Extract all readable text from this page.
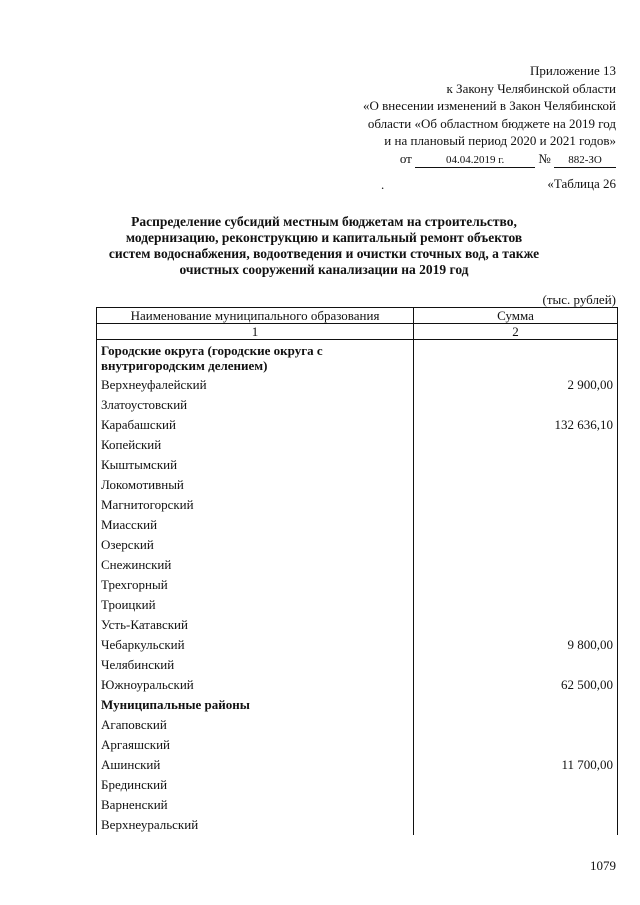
Приложение 13
к Закону Челябинской области
«О внесении изменений в Закон Челябинской
области «Об областном бюджете на 2019 год
и на плановый период 2020 и 2021 годов»
от	04.04.2019 г.	№ 882-ЗО
.	«Таблица 26
Распределение субсидий местным бюджетам на строительство, модернизацию, реконструкцию и капитальный ремонт объектов систем водоснабжения, водоотведения и очистки сточных вод, а также очистных сооружений канализации на 2019 год
(тыс. рублей)
Наименование муниципального образования	Сумма
1	2
Городские округа (городские округа с внутригородским делением)	
Верхнеуфалейский	2 900,00
Златоустовский	
Карабашский	132 636,10
Копейский	
Кыштымский	
Локомотивный	
Магнитогорский	
Миасский	
Озерский	
Снежинский	
Трехгорный	
Троицкий	
Усть-Катавский	
Чебаркульский	9 800,00
Челябинский	
Южноуральский	62 500,00
Муниципальные районы	
Агаповский	
Аргаяшский	
Ашинский	11 700,00
Брединский	
Варненский	
Верхнеуральский	
1079
